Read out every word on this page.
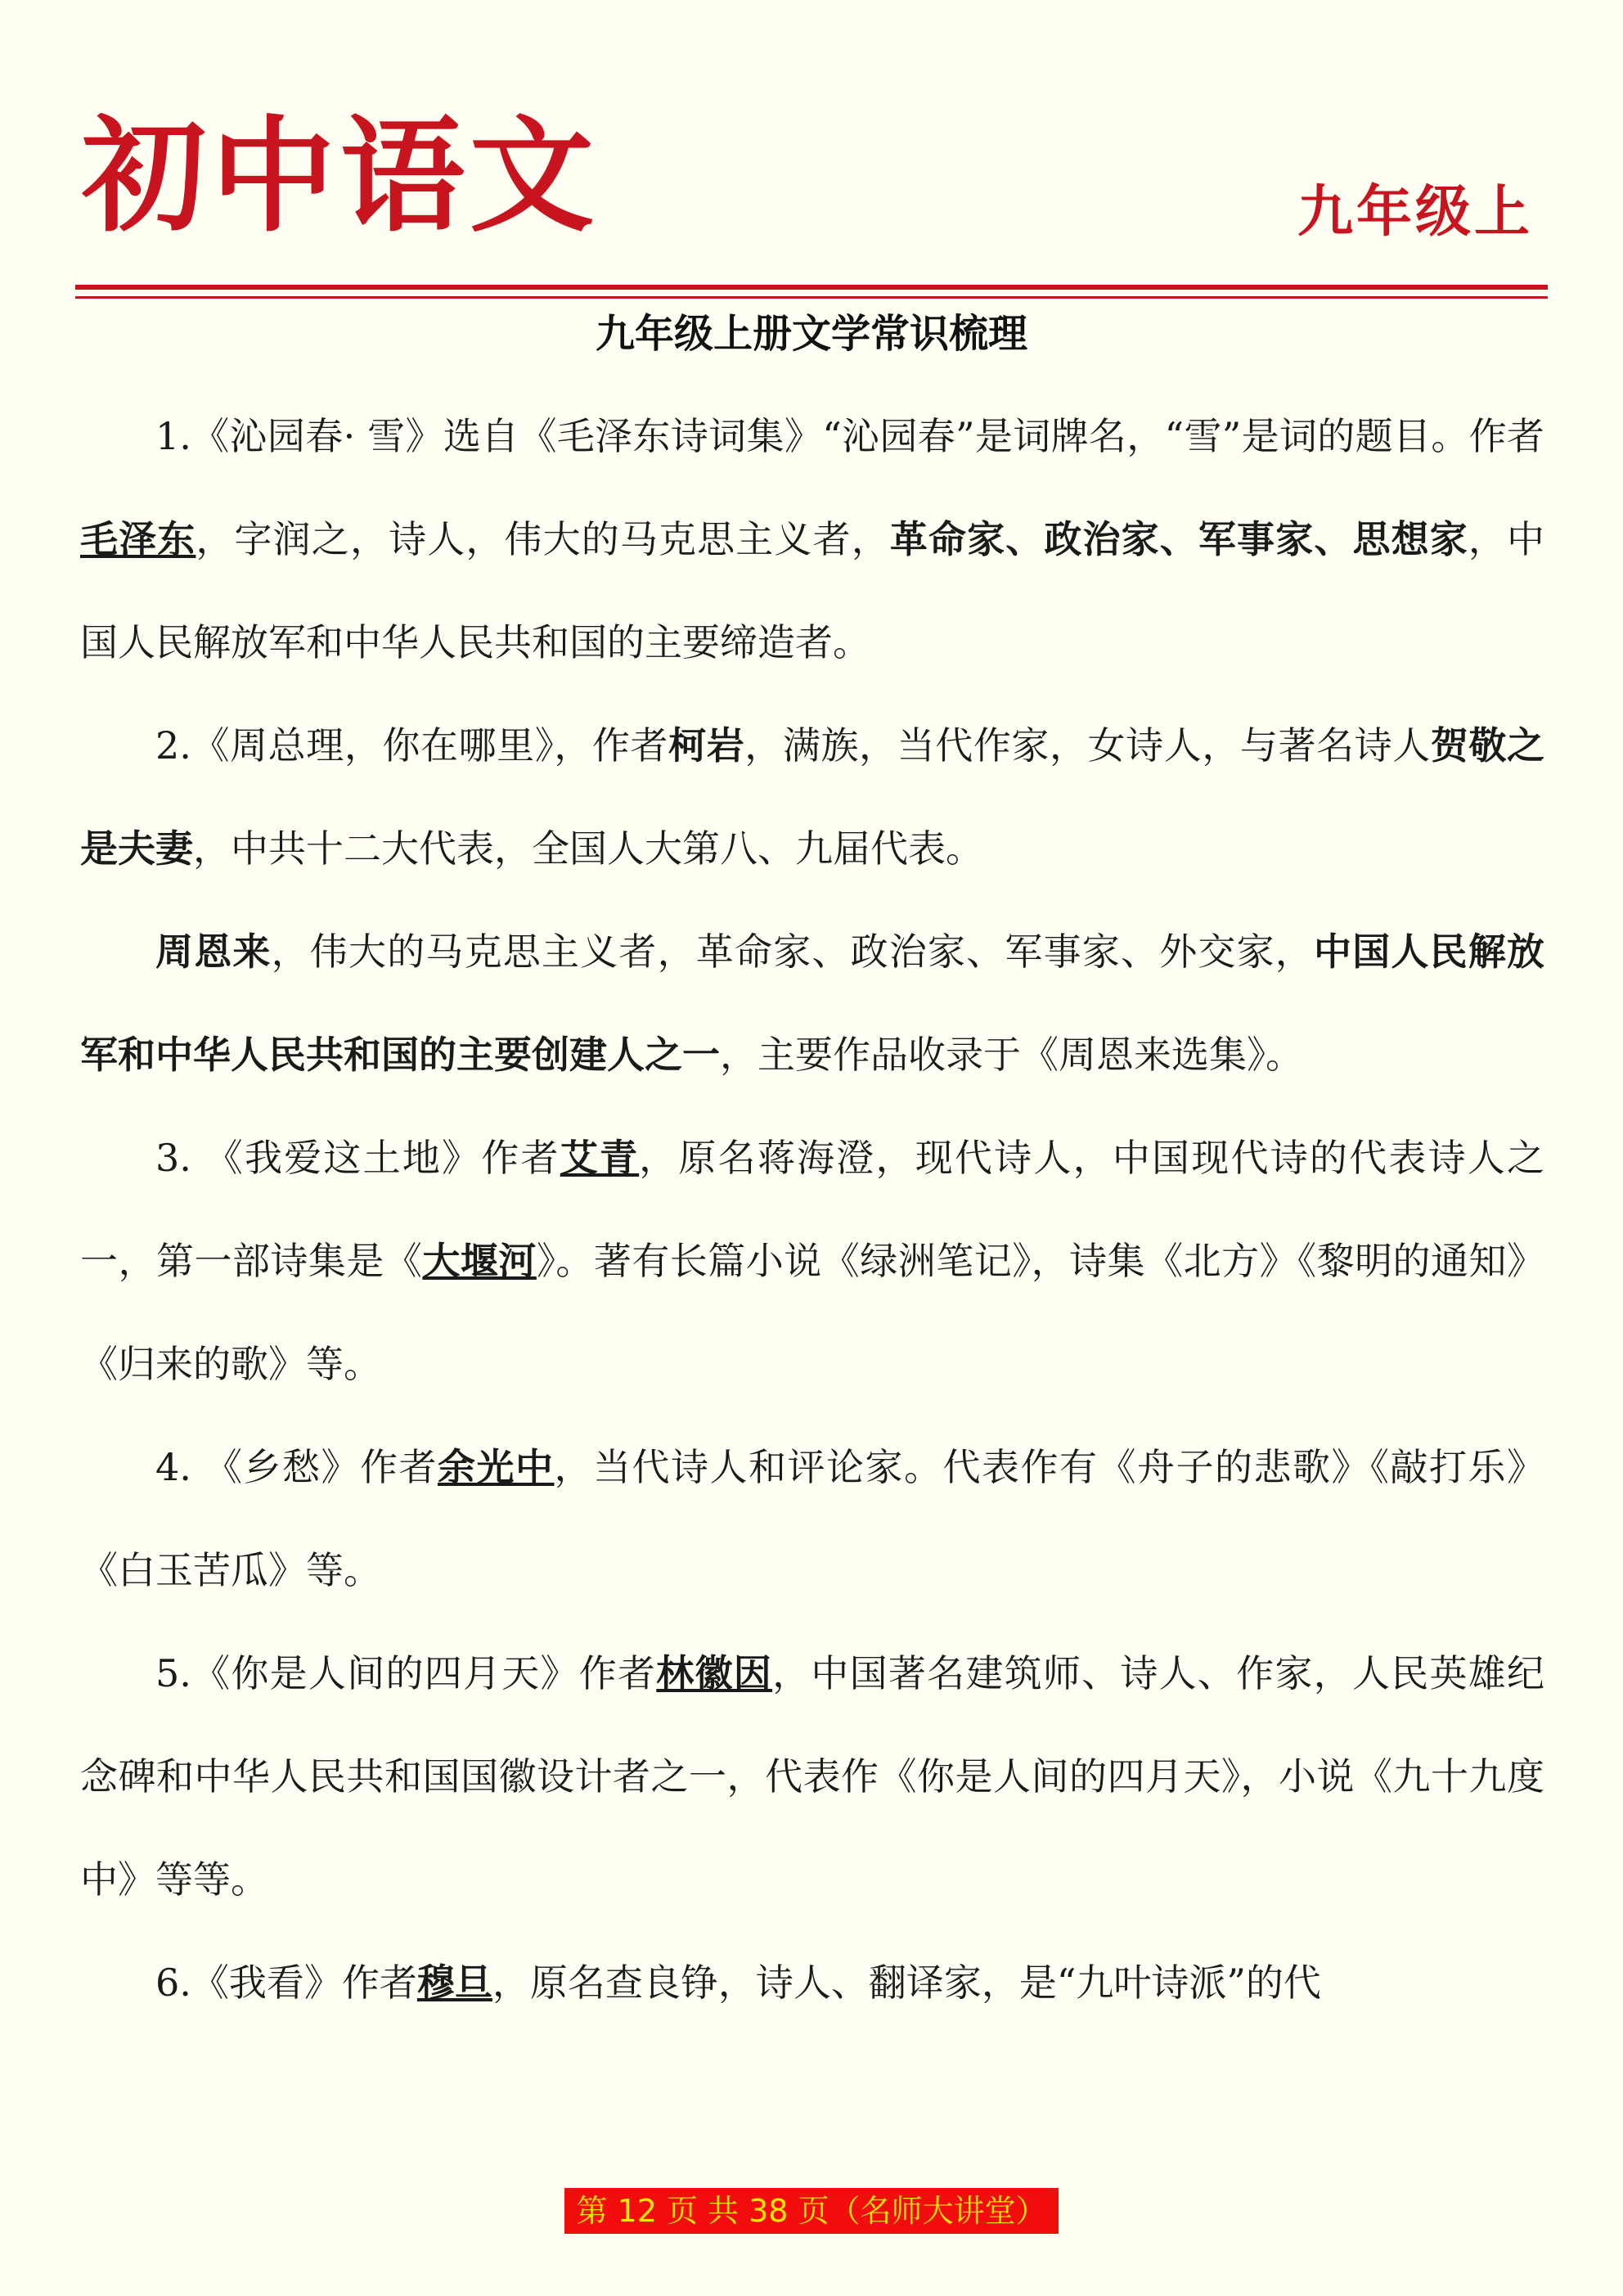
初中语文	九年级上
九年级上册文学常识梳理

1.《沁园春· 雪》选自《毛泽东诗词集》“沁园春”是词牌名，“雪”是词的题目。作者毛泽东，字润之，诗人，伟大的马克思主义者，革命家、政治家、军事家、思想家，中国人民解放军和中华人民共和国的主要缔造者。

2.《周总理，你在哪里》，作者柯岩，满族，当代作家，女诗人，与著名诗人贺敬之是夫妻，中共十二大代表，全国人大第八、九届代表。

周恩来，伟大的马克思主义者，革命家、政治家、军事家、外交家，中国人民解放军和中华人民共和国的主要创建人之一，主要作品收录于《周恩来选集》。

3. 《我爱这土地》作者艾青，原名蒋海澄，现代诗人，中国现代诗的代表诗人之一，第一部诗集是《大堰河》。著有长篇小说《绿洲笔记》，诗集《北方》《黎明的通知》《归来的歌》等。

4. 《乡愁》作者余光中，当代诗人和评论家。代表作有《舟子的悲歌》《敲打乐》《白玉苦瓜》等。

5.《你是人间的四月天》作者林徽因，中国著名建筑师、诗人、作家，人民英雄纪念碑和中华人民共和国国徽设计者之一，代表作《你是人间的四月天》，小说《九十九度中》等等。

6.《我看》作者穆旦，原名查良铮，诗人、翻译家，是“九叶诗派”的代

第 12 页 共 38 页（名师大讲堂）
